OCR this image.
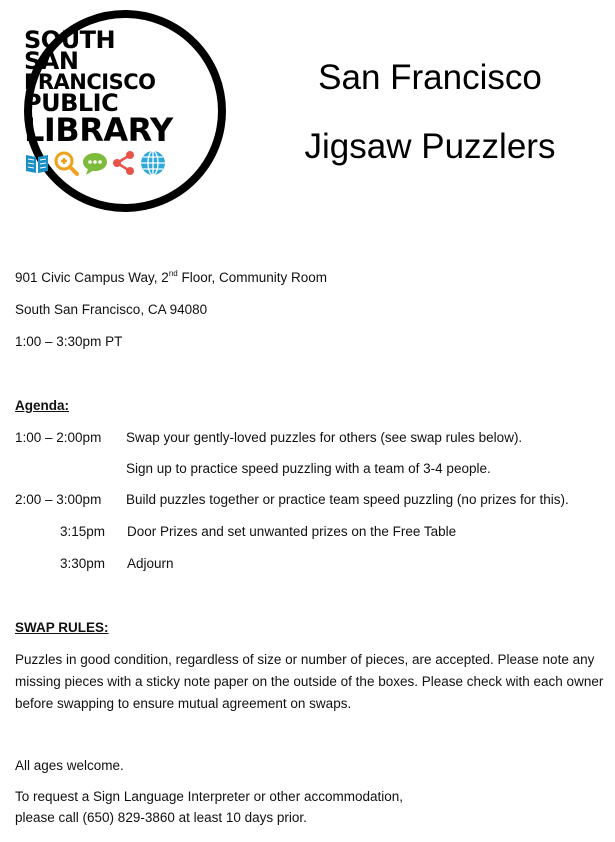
SOUTH
SAN
FRANCISCO
PUBLIC
LIBRARY
San Francisco
Jigsaw Puzzlers
901 Civic Campus Way, 2nd Floor, Community Room
South San Francisco, CA 94080
1:00 – 3:30pm PT
Agenda:
1:00 – 2:00pm Swap your gently-loved puzzles for others (see swap rules below).
Sign up to practice speed puzzling with a team of 3-4 people.
2:00 – 3:00pm Build puzzles together or practice team speed puzzling (no prizes for this).
3:15pm Door Prizes and set unwanted prizes on the Free Table
3:30pm Adjourn
SWAP RULES:
Puzzles in good condition, regardless of size or number of pieces, are accepted. Please note any missing pieces with a sticky note paper on the outside of the boxes. Please check with each owner before swapping to ensure mutual agreement on swaps.
All ages welcome.
To request a Sign Language Interpreter or other accommodation,
please call (650) 829-3860 at least 10 days prior.
